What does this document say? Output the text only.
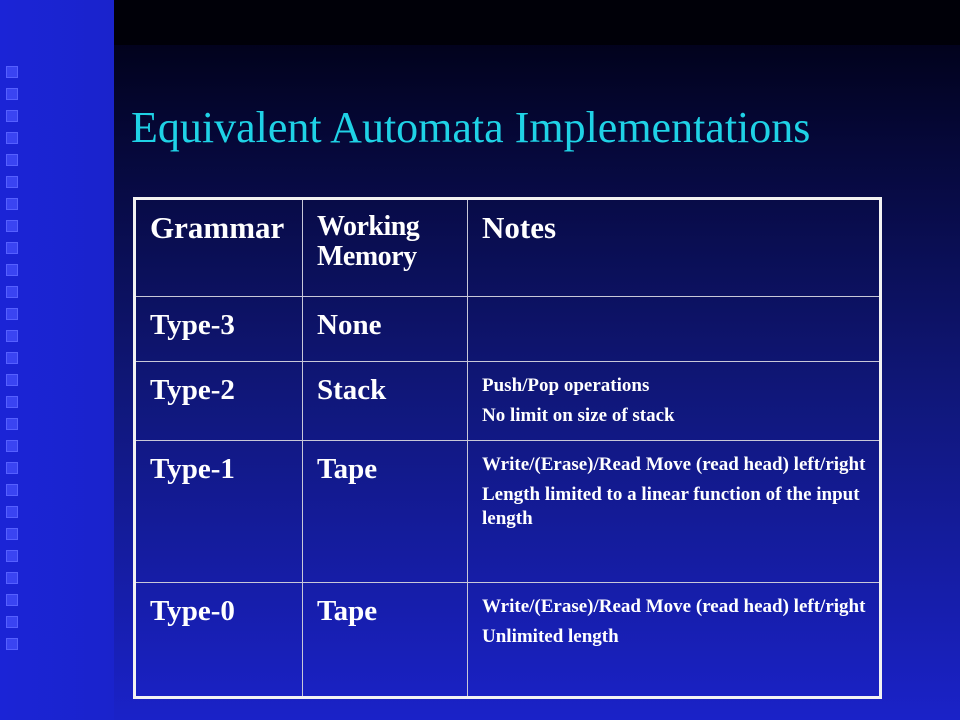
Equivalent Automata Implementations
Grammar	Working Memory	Notes

Type-3	None	

Type-2	Stack	Push/Pop operations
No limit on size of stack

Type-1	Tape	Write/(Erase)/Read Move (read head) left/right
Length limited to a linear function of the input length

Type-0	Tape	Write/(Erase)/Read Move (read head) left/right
Unlimited length
